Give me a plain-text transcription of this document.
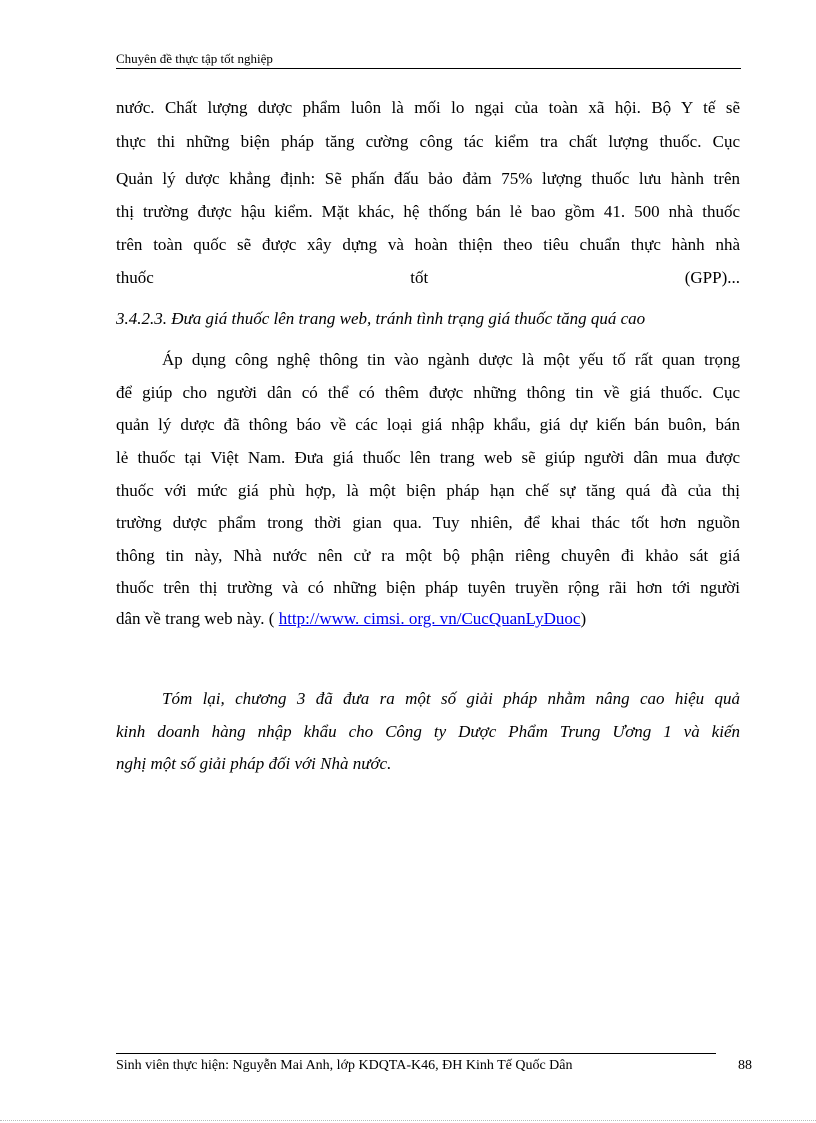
Chuyên đề thực tập tốt nghiệp
nước. Chất lượng dược phẩm luôn là mối lo ngại của toàn xã hội. Bộ Y tế sẽ
thực thi những biện pháp tăng cường công tác kiểm tra chất lượng thuốc. Cục
Quản lý dược khẳng định: Sẽ phấn đấu bảo đảm 75% lượng thuốc lưu hành trên
thị trường được hậu kiểm. Mặt khác, hệ thống bán lẻ bao gồm 41. 500 nhà thuốc
trên toàn quốc sẽ được xây dựng và hoàn thiện theo tiêu chuẩn thực hành nhà
thuốc	tốt	(GPP)...
3.4.2.3. Đưa giá thuốc lên trang web, tránh tình trạng giá thuốc tăng quá cao
Áp dụng công nghệ thông tin vào ngành dược là một yếu tố rất quan trọng
để giúp cho người dân có thể có thêm được những thông tin về giá thuốc. Cục
quản lý dược đã thông báo về các loại giá nhập khẩu, giá dự kiến bán buôn, bán
lẻ thuốc tại Việt Nam. Đưa giá thuốc lên trang web sẽ giúp người dân mua được
thuốc với mức giá phù hợp, là một biện pháp hạn chế sự tăng quá đà của thị
trường dược phẩm trong thời gian qua. Tuy nhiên, để khai thác tốt hơn nguồn
thông tin này, Nhà nước nên cử ra một bộ phận riêng chuyên đi khảo sát giá
thuốc trên thị trường và có những biện pháp tuyên truyền rộng rãi hơn tới người
dân về trang web này. ( http://www. cimsi. org. vn/CucQuanLyDuoc)
Tóm lại, chương 3 đã đưa ra một số giải pháp nhằm nâng cao hiệu quả
kinh doanh hàng nhập khẩu cho Công ty Dược Phẩm Trung Ương 1 và kiến
nghị một số giải pháp đối với Nhà nước.
Sinh viên thực hiện: Nguyễn Mai Anh, lớp KDQTA-K46, ĐH Kinh Tế Quốc Dân	88
